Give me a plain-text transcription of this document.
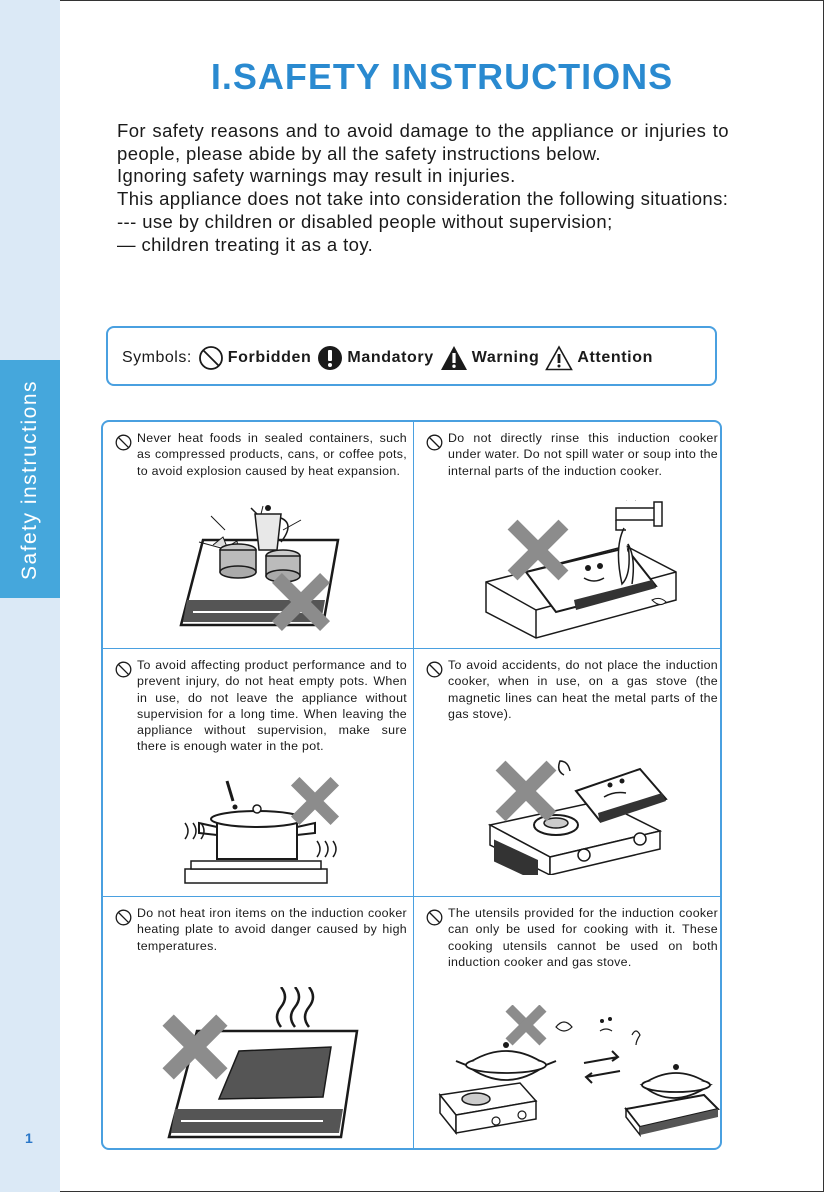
Safety instructions
1
I.SAFETY INSTRUCTIONS

For safety reasons and to avoid damage to the appliance or injuries to people, please abide by all the safety instructions below.

Ignoring safety warnings may result in injuries.

This appliance does not take into consideration the following situations:

--- use by children or disabled people without supervision;

— children treating it as a toy.

Symbols: Forbidden Mandatory Warning Attention
Never heat foods in sealed containers, such as compressed products, cans, or coffee pots, to avoid explosion caused by heat expansion.
Do not directly rinse this induction cooker under water. Do not spill water or soup into the internal parts of the induction cooker.
To avoid affecting product performance and to prevent injury, do not heat empty pots. When in use, do not leave the appliance without supervision for a long time. When leaving the appliance without supervision, make sure there is enough water in the pot.
To avoid accidents, do not place the induction cooker, when in use, on a gas stove (the magnetic lines can heat the metal parts of the gas stove).
Do not heat iron items on the induction cooker heating plate to avoid danger caused by high temperatures.
The utensils provided for the induction cooker can only be used for cooking with it. These cooking utensils cannot be used on both induction cooker and gas stove.
